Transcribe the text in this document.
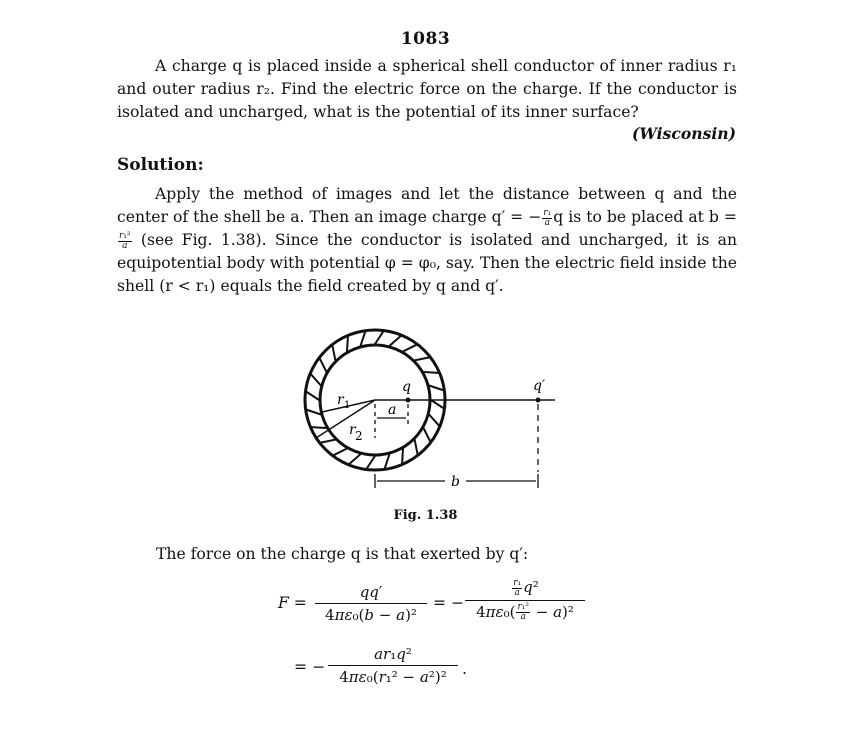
1083
A charge q is placed inside a spherical shell conductor of inner radius r₁ and outer radius r₂. Find the electric force on the charge. If the conductor is isolated and uncharged, what is the potential of its inner surface?
(Wisconsin)
Solution:
Apply the method of images and let the distance between q and the center of the shell be a. Then an image charge q′ = − $\frac{\text{r₁}}{a}$ q is to be placed at b =
$\frac{\text{r₁²}}{a} (see$ Fig. 1.38). Since the conductor is isolated and uncharged, it is an equipotential body with potential φ = φ₀, say. Then the electric field inside the shell (r < r₁) equals the field created by q and q′.
r 1
r 2
q
a
q′
b
Fig. 1.38
The force on the charge q is that exerted by q′:
F =
qq′
4πε₀(b − a)²
= −
$\frac{\text{r₁}}{a} q^2$
$4\pi\varepsilon_0( \frac{\text{r₁²}}{a} - a)^2$
= −
ar₁q²
4πε₀(r₁² − a²)² .
